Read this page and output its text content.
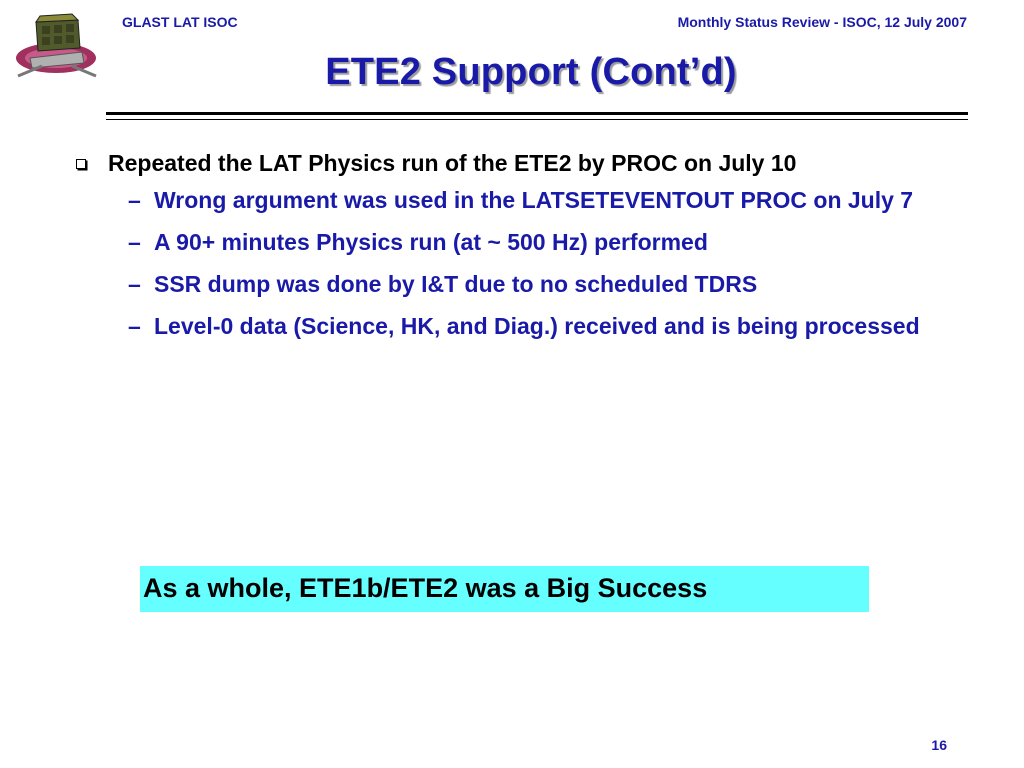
GLAST LAT ISOC	Monthly Status Review - ISOC, 12 July 2007
ETE2 Support (Cont’d)
Repeated the LAT Physics run of the ETE2 by PROC on July 10
– Wrong argument was used in the LATSETEVENTOUT PROC on July 7
– A 90+ minutes Physics run (at ~ 500 Hz) performed
– SSR dump was done by I&T due to no scheduled TDRS
– Level-0 data (Science, HK, and Diag.) received and is being processed
As a whole, ETE1b/ETE2 was a Big Success
16
